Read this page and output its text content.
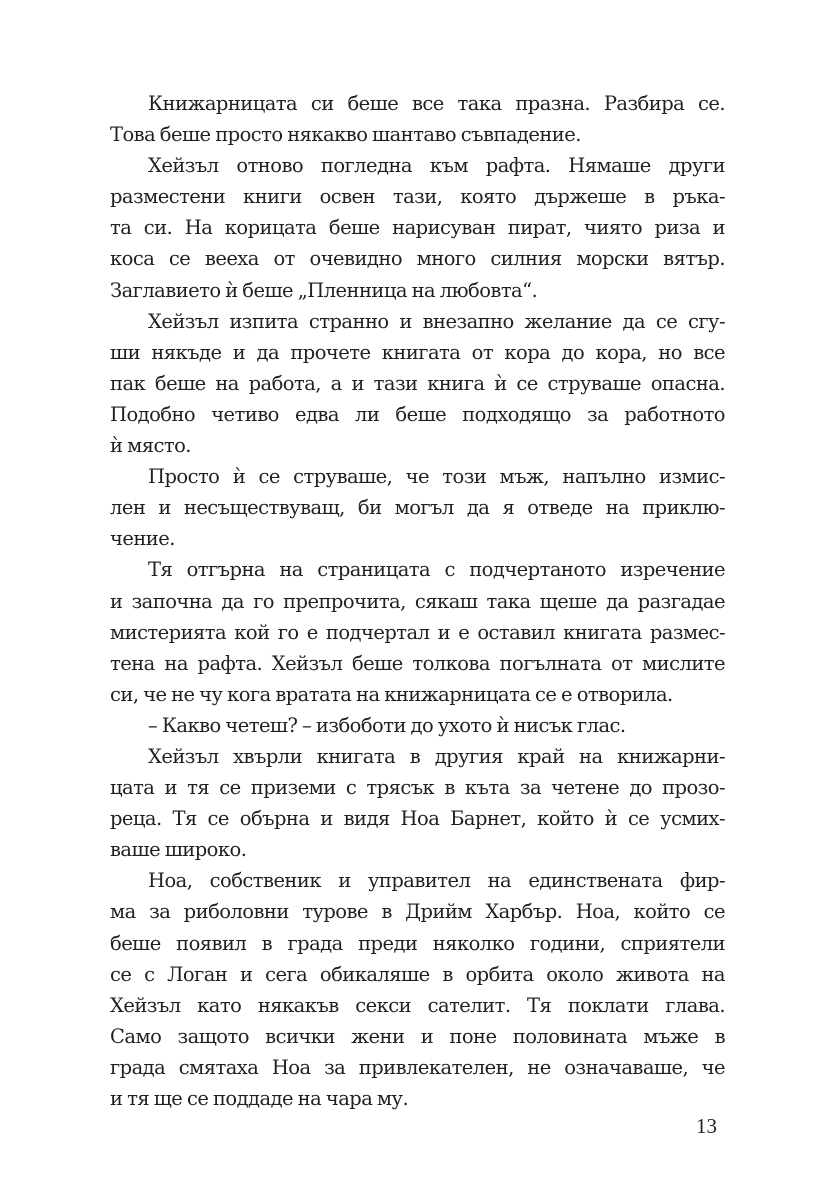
Книжарницата си беше все така празна. Разбира се.
Това беше просто някакво шантаво съвпадение.
Хейзъл отново погледна към рафта. Нямаше други
разместени книги освен тази, която държеше в ръка-
та си. На корицата беше нарисуван пират, чиято риза и
коса се вееха от очевидно много силния морски вятър.
Заглавието ѝ беше „Пленница на любовта“.
Хейзъл изпита странно и внезапно желание да се сгу-
ши някъде и да прочете книгата от кора до кора, но все
пак беше на работа, а и тази книга ѝ се струваше опасна.
Подобно четиво едва ли беше подходящо за работното
ѝ място.
Просто ѝ се струваше, че този мъж, напълно измис-
лен и несъществуващ, би могъл да я отведе на приклю-
чение.
Тя отгърна на страницата с подчертаното изречение
и започна да го препрочита, сякаш така щеше да разгадае
мистерията кой го е подчертал и е оставил книгата размес-
тена на рафта. Хейзъл беше толкова погълната от мислите
си, че не чу кога вратата на книжарницата се е отворила.
– Какво четеш? – избоботи до ухото ѝ нисък глас.
Хейзъл хвърли книгата в другия край на книжарни-
цата и тя се приземи с трясък в кътa за четене до прозо-
реца. Тя се обърна и видя Ноа Барнет, който ѝ се усмих-
ваше широко.
Ноа, собственик и управител на единствената фир-
ма за риболовни турове в Дрийм Харбър. Ноа, който се
беше появил в града преди няколко години, сприятели
се с Логан и сега обикаляше в орбита около живота на
Хейзъл като някакъв секси сателит. Тя поклати глава.
Само защото всички жени и поне половината мъже в
града смятаха Ноа за привлекателен, не означаваше, че
и тя ще се поддаде на чара му.
13
